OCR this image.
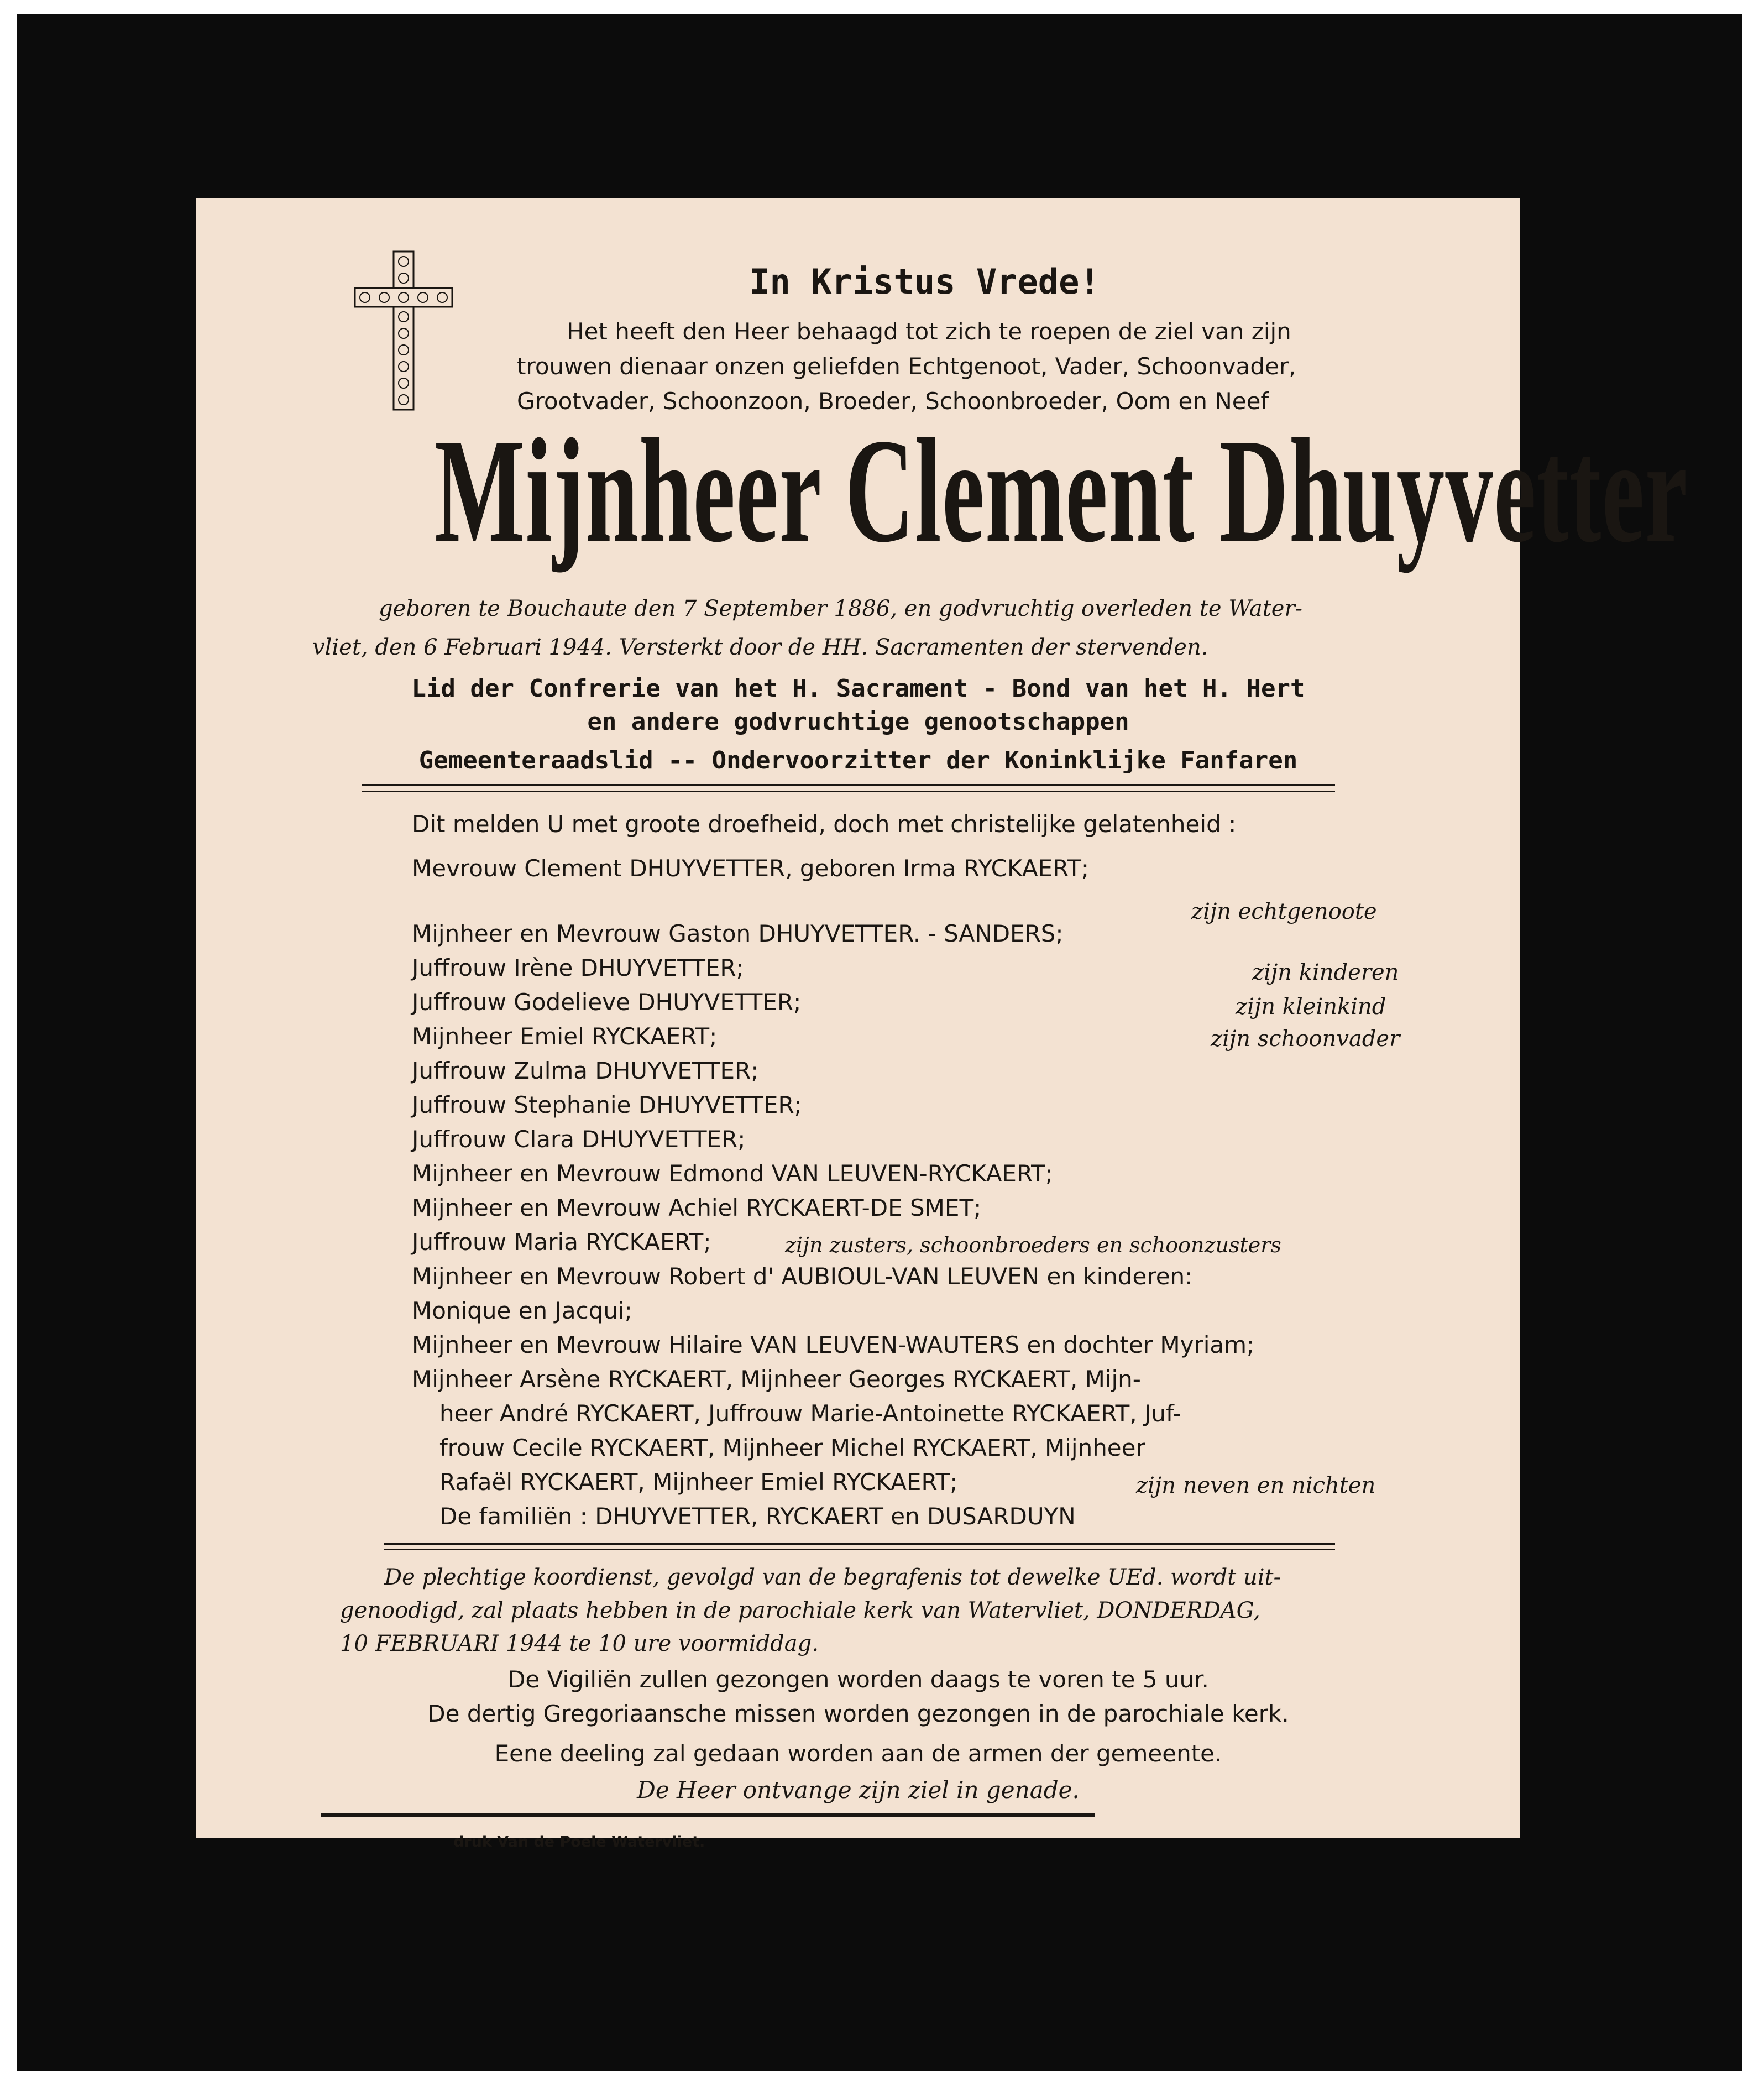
In Kristus Vrede!
Het heeft den Heer behaagd tot zich te roepen de ziel van zijn
trouwen dienaar onzen geliefden Echtgenoot, Vader, Schoonvader,
Grootvader, Schoonzoon, Broeder, Schoonbroeder, Oom en Neef
Mijnheer Clement Dhuyvetter
geboren te Bouchaute den 7 September 1886, en godvruchtig overleden te Water-
vliet, den 6 Februari 1944. Versterkt door de HH. Sacramenten der stervenden.
Lid der Confrerie van het H. Sacrament - Bond van het H. Hert
en andere godvruchtige genootschappen
Gemeenteraadslid -- Ondervoorzitter der Koninklijke Fanfaren
Dit melden U met groote droefheid, doch met christelijke gelatenheid :
Mevrouw Clement DHUYVETTER, geboren Irma RYCKAERT;
zijn echtgenoote
Mijnheer en Mevrouw Gaston DHUYVETTER. - SANDERS;
Juffrouw Irène DHUYVETTER;	zijn kinderen
Juffrouw Godelieve DHUYVETTER;	zijn kleinkind
Mijnheer Emiel RYCKAERT;	zijn schoonvader
Juffrouw Zulma DHUYVETTER;
Juffrouw Stephanie DHUYVETTER;
Juffrouw Clara DHUYVETTER;
Mijnheer en Mevrouw Edmond VAN LEUVEN-RYCKAERT;
Mijnheer en Mevrouw Achiel RYCKAERT-DE SMET;
Juffrouw Maria RYCKAERT;	zijn zusters, schoonbroeders en schoonzusters
Mijnheer en Mevrouw Robert d' AUBIOUL-VAN LEUVEN en kinderen:
Monique en Jacqui;
Mijnheer en Mevrouw Hilaire VAN LEUVEN-WAUTERS en dochter Myriam;
Mijnheer Arsène RYCKAERT, Mijnheer Georges RYCKAERT, Mijn-
heer André RYCKAERT, Juffrouw Marie-Antoinette RYCKAERT, Juf-
frouw Cecile RYCKAERT, Mijnheer Michel RYCKAERT, Mijnheer
Rafaël RYCKAERT, Mijnheer Emiel RYCKAERT;	zijn neven en nichten
De familiën : DHUYVETTER, RYCKAERT en DUSARDUYN
De plechtige koordienst, gevolgd van de begrafenis tot dewelke UEd. wordt uit-
genoodigd, zal plaats hebben in de parochiale kerk van Watervliet, DONDERDAG,
10 FEBRUARI 1944 te 10 ure voormiddag.
De Vigiliën zullen gezongen worden daags te voren te 5 uur.
De dertig Gregoriaansche missen worden gezongen in de parochiale kerk.
Eene deeling zal gedaan worden aan de armen der gemeente.
De Heer ontvange zijn ziel in genade.
druk Van de Poele Watervliet.
